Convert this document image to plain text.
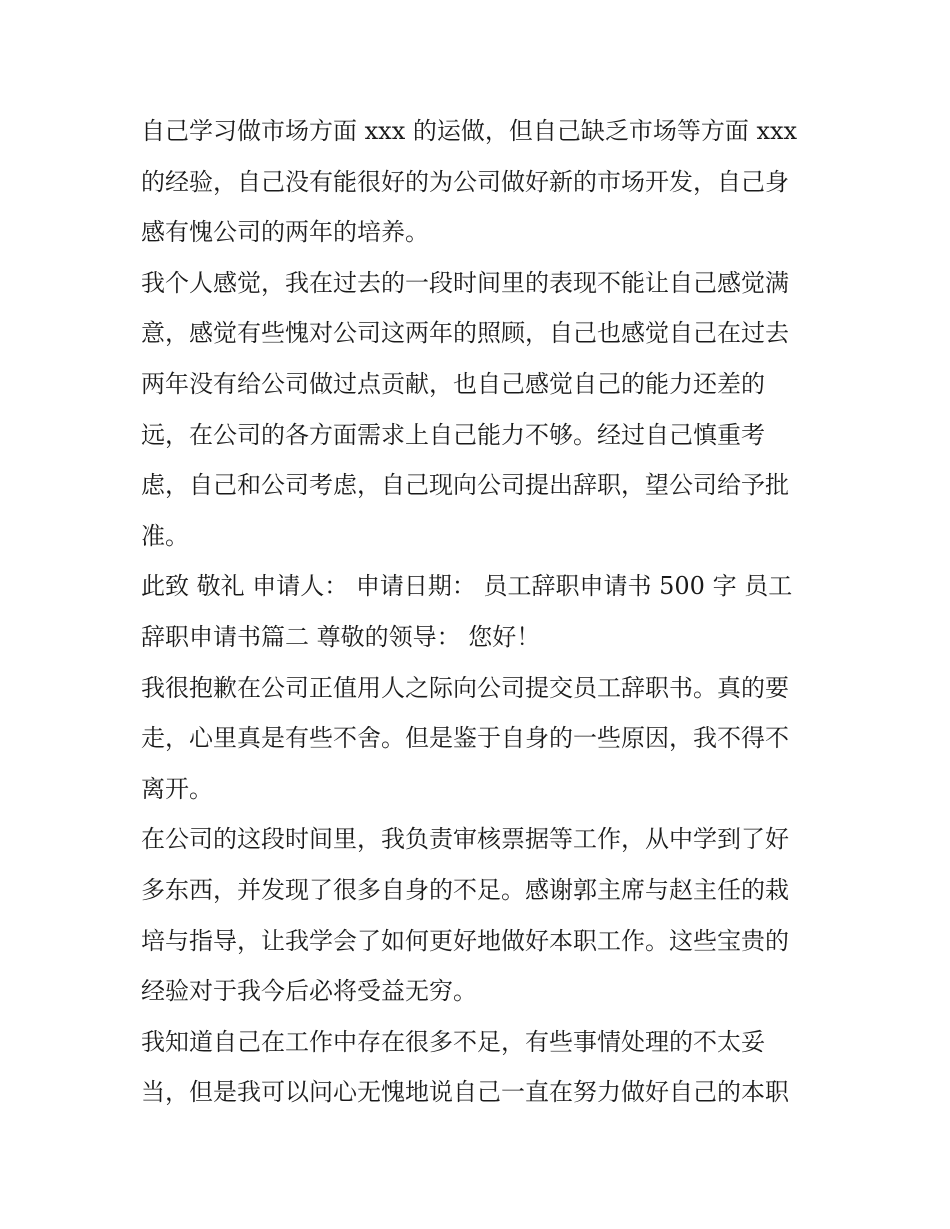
自己学习做市场方面 xxx 的运做，但自己缺乏市场等方面 xxx
的经验，自己没有能很好的为公司做好新的市场开发，自己身
感有愧公司的两年的培养。

我个人感觉，我在过去的一段时间里的表现不能让自己感觉满
意，感觉有些愧对公司这两年的照顾，自己也感觉自己在过去
两年没有给公司做过点贡献，也自己感觉自己的能力还差的
远，在公司的各方面需求上自己能力不够。经过自己慎重考
虑，自己和公司考虑，自己现向公司提出辞职，望公司给予批
准。

此致 敬礼 申请人： 申请日期： 员工辞职申请书 500 字 员工
辞职申请书篇二 尊敬的领导： 您好！

我很抱歉在公司正值用人之际向公司提交员工辞职书。真的要
走，心里真是有些不舍。但是鉴于自身的一些原因，我不得不
离开。

在公司的这段时间里，我负责审核票据等工作，从中学到了好
多东西，并发现了很多自身的不足。感谢郭主席与赵主任的栽
培与指导，让我学会了如何更好地做好本职工作。这些宝贵的
经验对于我今后必将受益无穷。

我知道自己在工作中存在很多不足，有些事情处理的不太妥
当，但是我可以问心无愧地说自己一直在努力做好自己的本职
